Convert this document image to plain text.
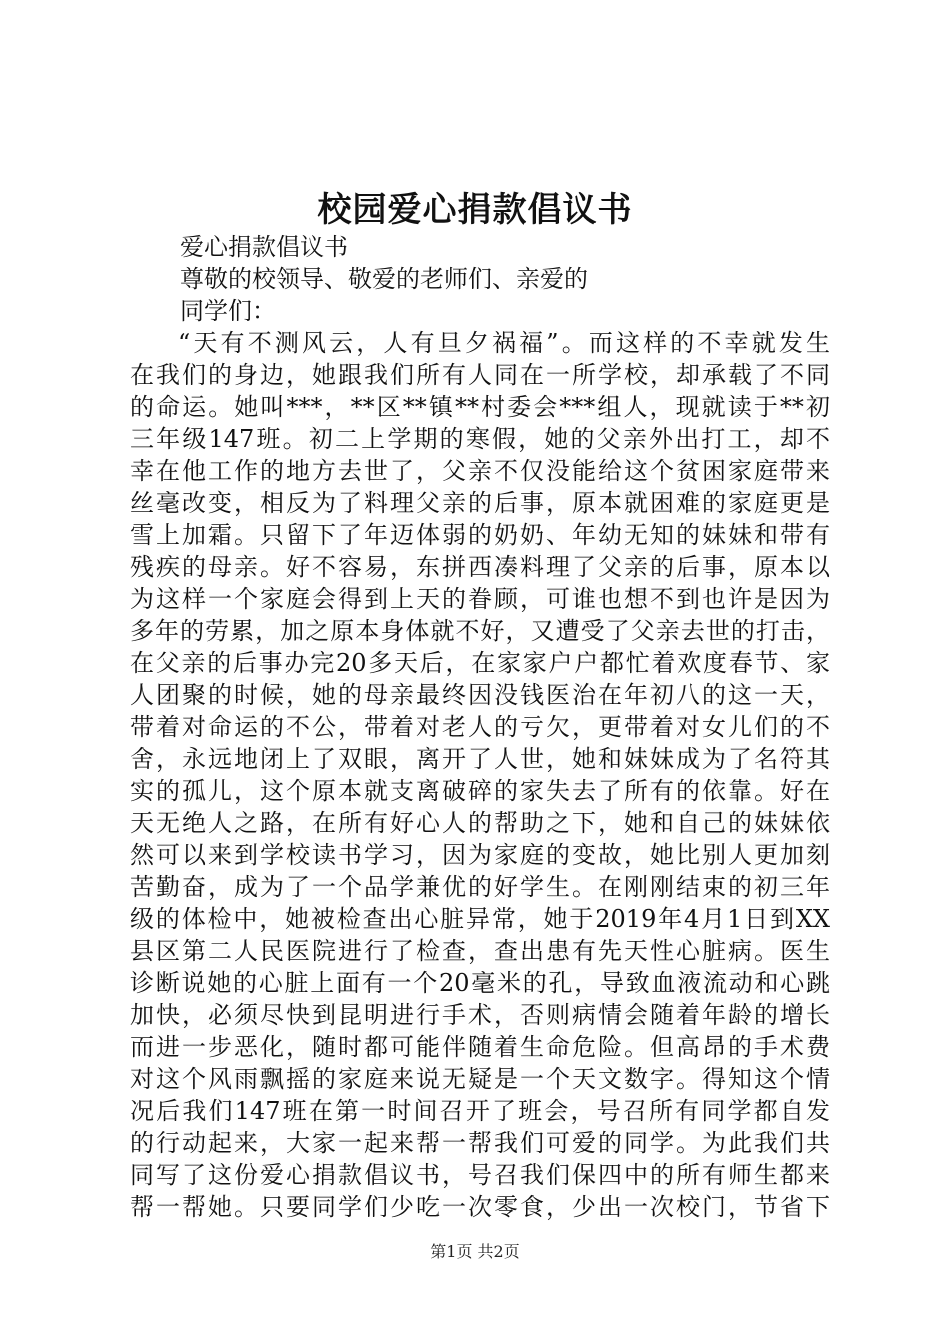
校园爱心捐款倡议书

爱心捐款倡议书

尊敬的校领导、敬爱的老师们、亲爱的

同学们：

“天有不测风云，人有旦夕祸福”。而这样的不幸就发生
在我们的身边，她跟我们所有人同在一所学校，却承载了不同
的命运。她叫***，**区**镇**村委会***组人，现就读于**初
三年级147班。初二上学期的寒假，她的父亲外出打工，却不
幸在他工作的地方去世了，父亲不仅没能给这个贫困家庭带来
丝毫改变，相反为了料理父亲的后事，原本就困难的家庭更是
雪上加霜。只留下了年迈体弱的奶奶、年幼无知的妹妹和带有
残疾的母亲。好不容易，东拼西凑料理了父亲的后事，原本以
为这样一个家庭会得到上天的眷顾，可谁也想不到也许是因为
多年的劳累，加之原本身体就不好，又遭受了父亲去世的打击，
在父亲的后事办完20多天后，在家家户户都忙着欢度春节、家
人团聚的时候，她的母亲最终因没钱医治在年初八的这一天，
带着对命运的不公，带着对老人的亏欠，更带着对女儿们的不
舍，永远地闭上了双眼，离开了人世，她和妹妹成为了名符其
实的孤儿，这个原本就支离破碎的家失去了所有的依靠。好在
天无绝人之路，在所有好心人的帮助之下，她和自己的妹妹依
然可以来到学校读书学习，因为家庭的变故，她比别人更加刻
苦勤奋，成为了一个品学兼优的好学生。在刚刚结束的初三年
级的体检中，她被检查出心脏异常，她于2019年4月1日到XX
县区第二人民医院进行了检查，查出患有先天性心脏病。医生
诊断说她的心脏上面有一个20毫米的孔，导致血液流动和心跳
加快，必须尽快到昆明进行手术，否则病情会随着年龄的增长
而进一步恶化，随时都可能伴随着生命危险。但高昂的手术费
对这个风雨飘摇的家庭来说无疑是一个天文数字。得知这个情
况后我们147班在第一时间召开了班会，号召所有同学都自发
的行动起来，大家一起来帮一帮我们可爱的同学。为此我们共
同写了这份爱心捐款倡议书，号召我们保四中的所有师生都来
帮一帮她。只要同学们少吃一次零食，少出一次校门，节省下
第1页 共2页
